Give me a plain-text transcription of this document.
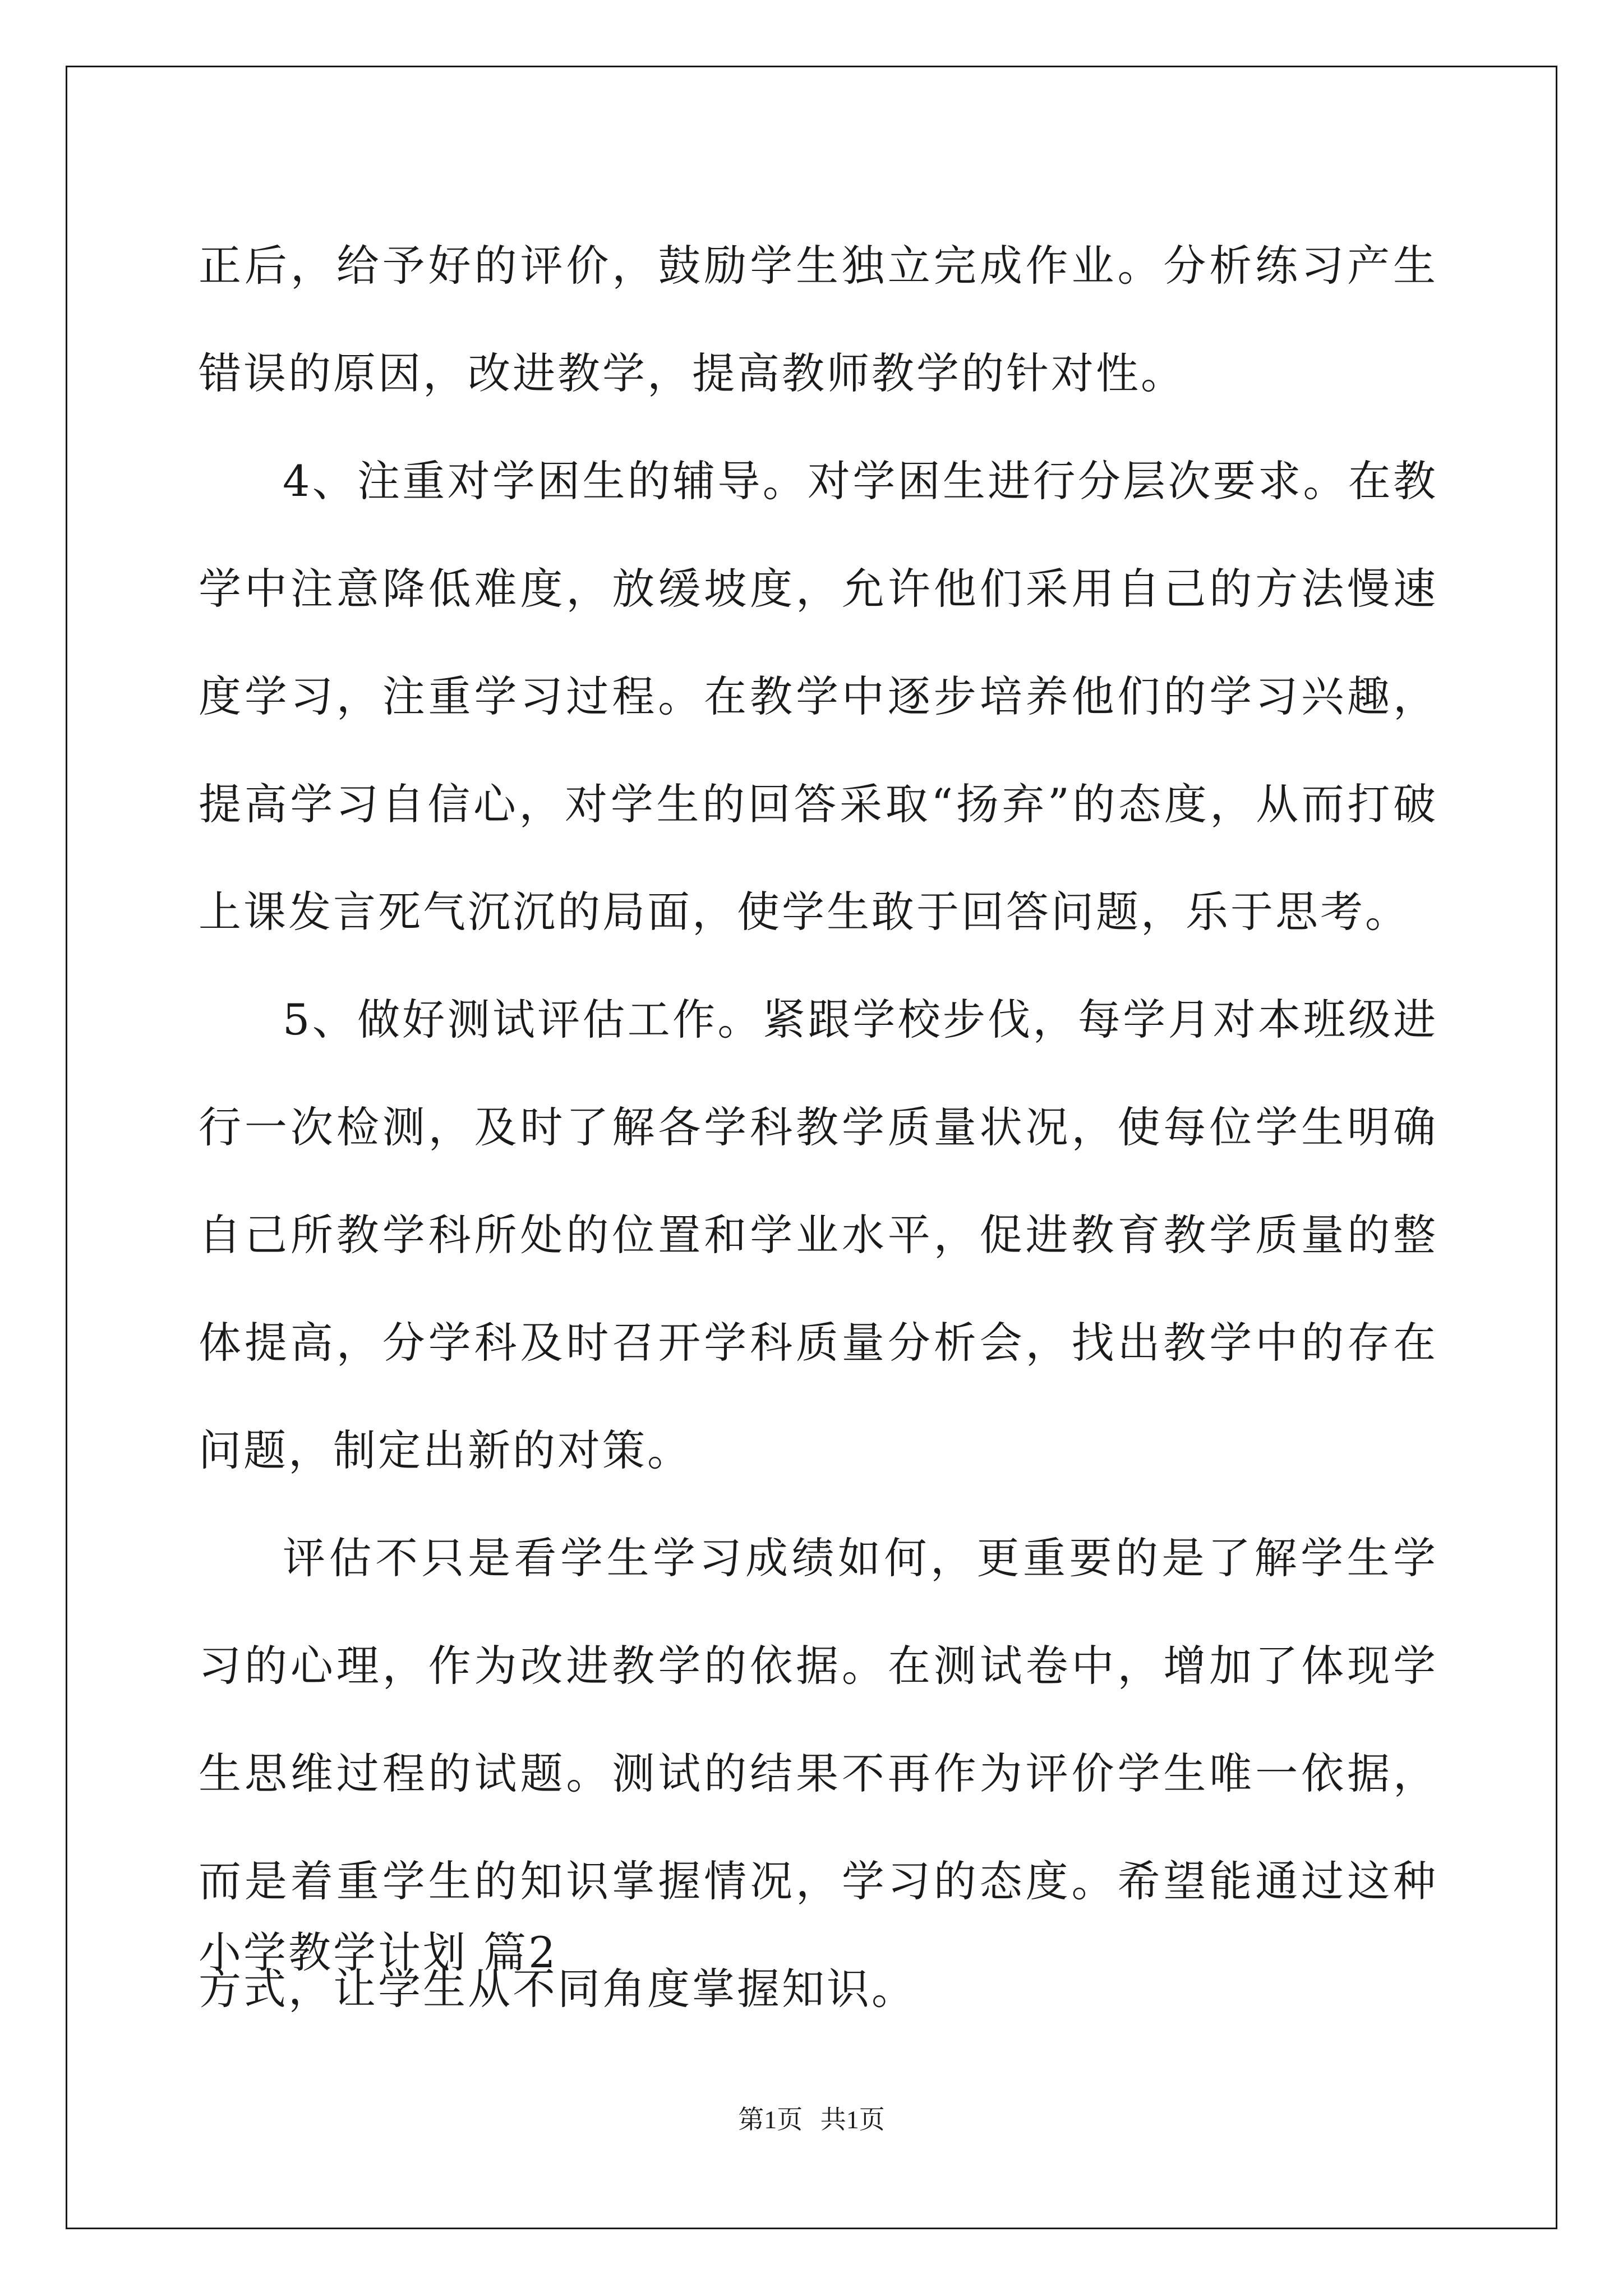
正后，给予好的评价，鼓励学生独立完成作业。分析练习产生错误的原因，改进教学，提高教师教学的针对性。

4、注重对学困生的辅导。对学困生进行分层次要求。在教学中注意降低难度，放缓坡度，允许他们采用自己的方法慢速度学习，注重学习过程。在教学中逐步培养他们的学习兴趣，提高学习自信心，对学生的回答采取“扬弃”的态度，从而打破上课发言死气沉沉的局面，使学生敢于回答问题，乐于思考。

5、做好测试评估工作。紧跟学校步伐，每学月对本班级进行一次检测，及时了解各学科教学质量状况，使每位学生明确自己所教学科所处的位置和学业水平，促进教育教学质量的整体提高，分学科及时召开学科质量分析会，找出教学中的存在问题，制定出新的对策。

评估不只是看学生学习成绩如何，更重要的是了解学生学习的心理，作为改进教学的依据。在测试卷中，增加了体现学生思维过程的试题。测试的结果不再作为评价学生唯一依据，而是着重学生的知识掌握情况，学习的态度。希望能通过这种方式，让学生从不同角度掌握知识。

小学教学计划 篇2
第1页 共1页
